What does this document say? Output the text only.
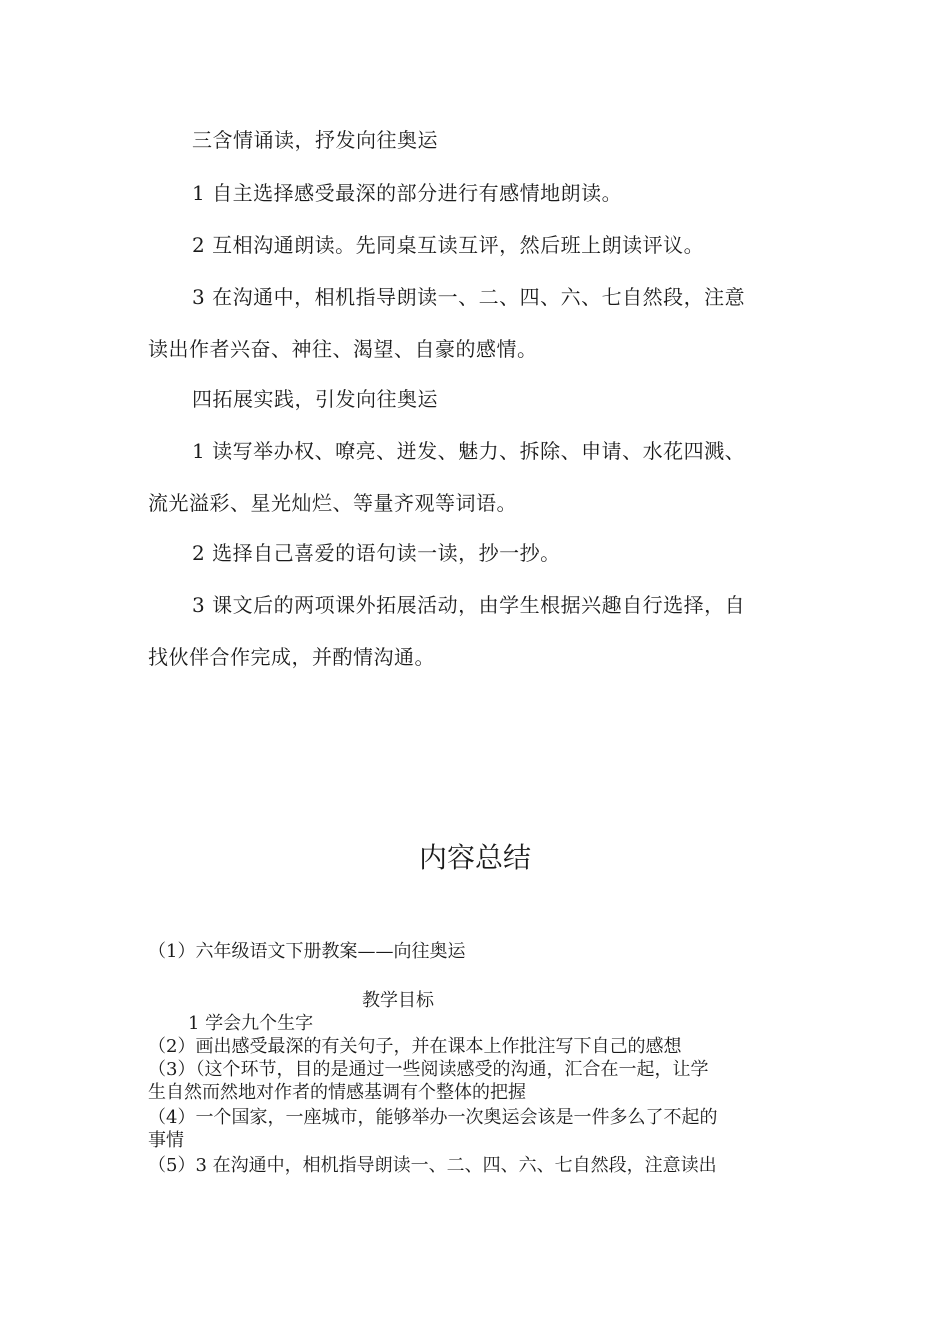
三含情诵读，抒发向往奥运
1 自主选择感受最深的部分进行有感情地朗读。
2 互相沟通朗读。先同桌互读互评，然后班上朗读评议。
3 在沟通中，相机指导朗读一、二、四、六、七自然段，注意
读出作者兴奋、神往、渴望、自豪的感情。
四拓展实践，引发向往奥运
1 读写举办权、嘹亮、迸发、魅力、拆除、申请、水花四溅、
流光溢彩、星光灿烂、等量齐观等词语。
2 选择自己喜爱的语句读一读，抄一抄。
3 课文后的两项课外拓展活动，由学生根据兴趣自行选择，自
找伙伴合作完成，并酌情沟通。
内容总结
（1）六年级语文下册教案——向往奥运
教学目标
1 学会九个生字
（2）画出感受最深的有关句子，并在课本上作批注写下自己的感想
（3）（这个环节，目的是通过一些阅读感受的沟通，汇合在一起，让学
生自然而然地对作者的情感基调有个整体的把握
（4）一个国家，一座城市，能够举办一次奥运会该是一件多么了不起的
事情
（5）3 在沟通中，相机指导朗读一、二、四、六、七自然段，注意读出
